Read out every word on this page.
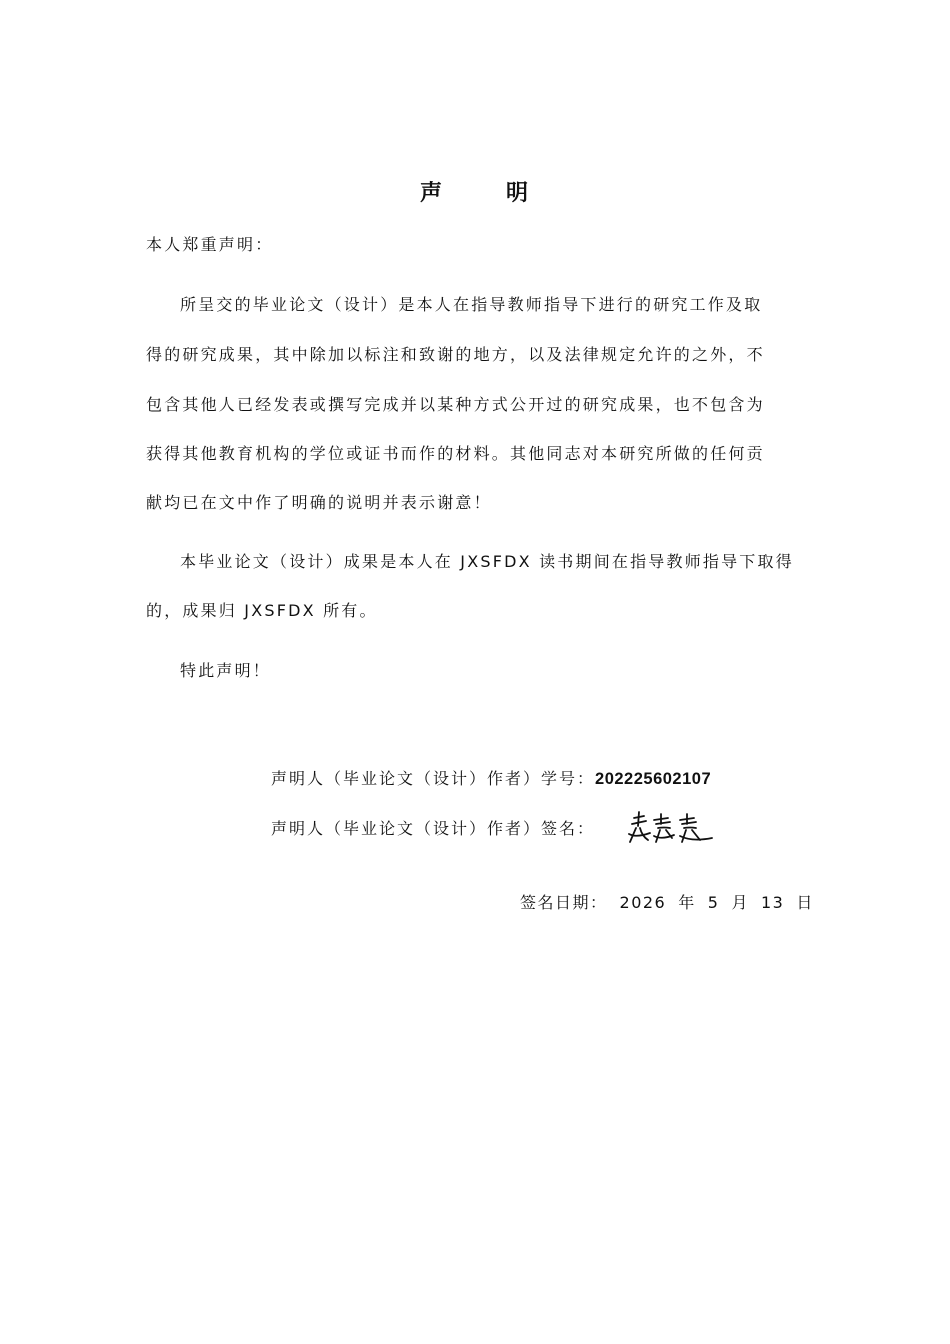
声	明
本人郑重声明：
所呈交的毕业论文（设计）是本人在指导教师指导下进行的研究工作及取
得的研究成果，其中除加以标注和致谢的地方，以及法律规定允许的之外，不
包含其他人已经发表或撰写完成并以某种方式公开过的研究成果，也不包含为
获得其他教育机构的学位或证书而作的材料。其他同志对本研究所做的任何贡
献均已在文中作了明确的说明并表示谢意！
本毕业论文（设计）成果是本人在 JXSFDX 读书期间在指导教师指导下取得
的，成果归 JXSFDX 所有。
特此声明！
声明人（毕业论文（设计）作者）学号：202225602107
声明人（毕业论文（设计）作者）签名：
签名日期： 2026 年 5 月 13 日
